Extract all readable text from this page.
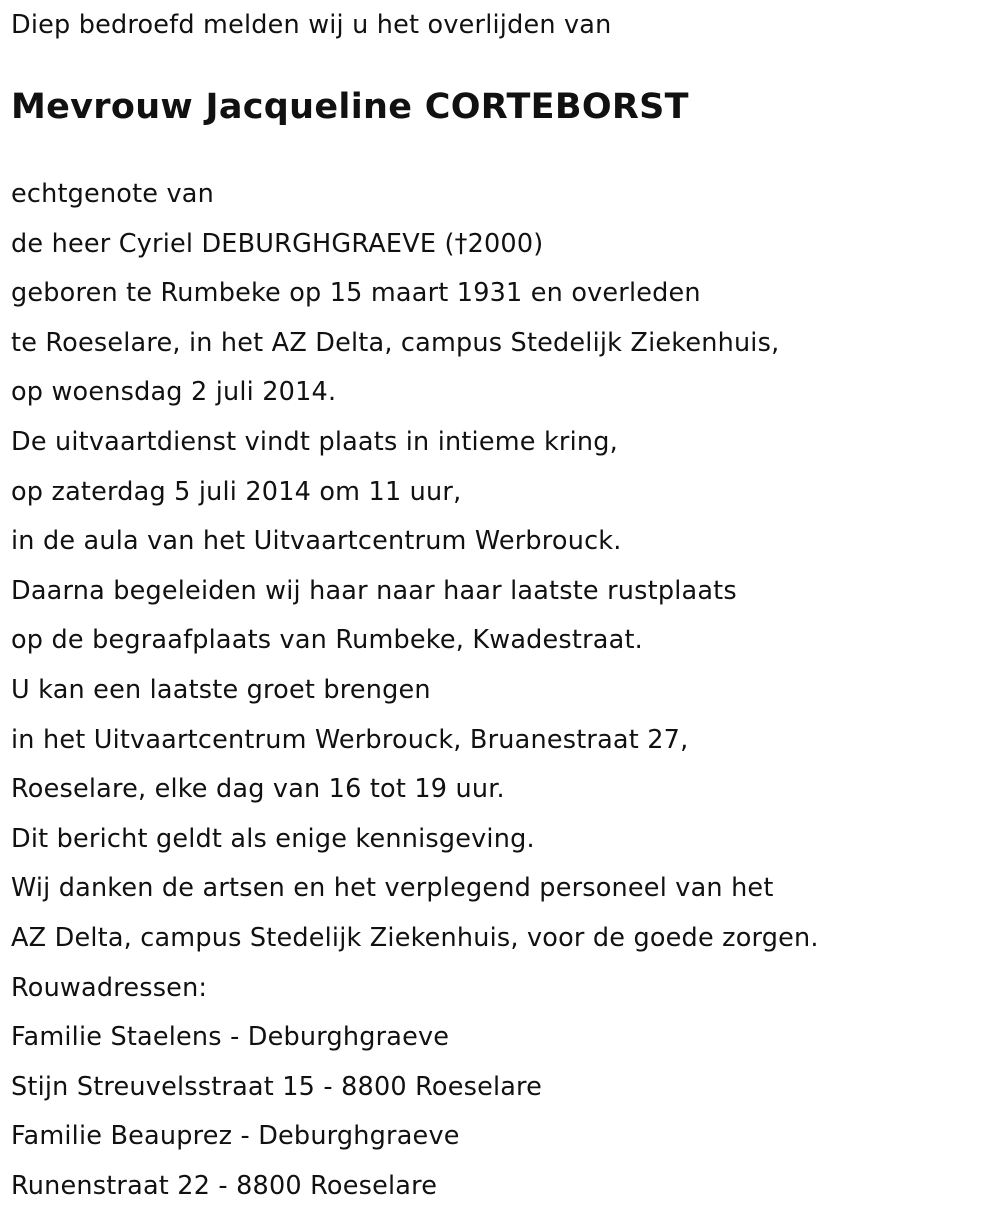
Diep bedroefd melden wij u het overlijden van
Mevrouw Jacqueline CORTEBORST
echtgenote van
de heer Cyriel DEBURGHGRAEVE (†2000)
geboren te Rumbeke op 15 maart 1931 en overleden
te Roeselare, in het AZ Delta, campus Stedelijk Ziekenhuis,
op woensdag 2 juli 2014.
De uitvaartdienst vindt plaats in intieme kring,
op zaterdag 5 juli 2014 om 11 uur,
in de aula van het Uitvaartcentrum Werbrouck.
Daarna begeleiden wij haar naar haar laatste rustplaats
op de begraafplaats van Rumbeke, Kwadestraat.
U kan een laatste groet brengen
in het Uitvaartcentrum Werbrouck, Bruanestraat 27,
Roeselare, elke dag van 16 tot 19 uur.
Dit bericht geldt als enige kennisgeving.
Wij danken de artsen en het verplegend personeel van het
AZ Delta, campus Stedelijk Ziekenhuis, voor de goede zorgen.
Rouwadressen:
Familie Staelens - Deburghgraeve
Stijn Streuvelsstraat 15 - 8800 Roeselare
Familie Beauprez - Deburghgraeve
Runenstraat 22 - 8800 Roeselare
